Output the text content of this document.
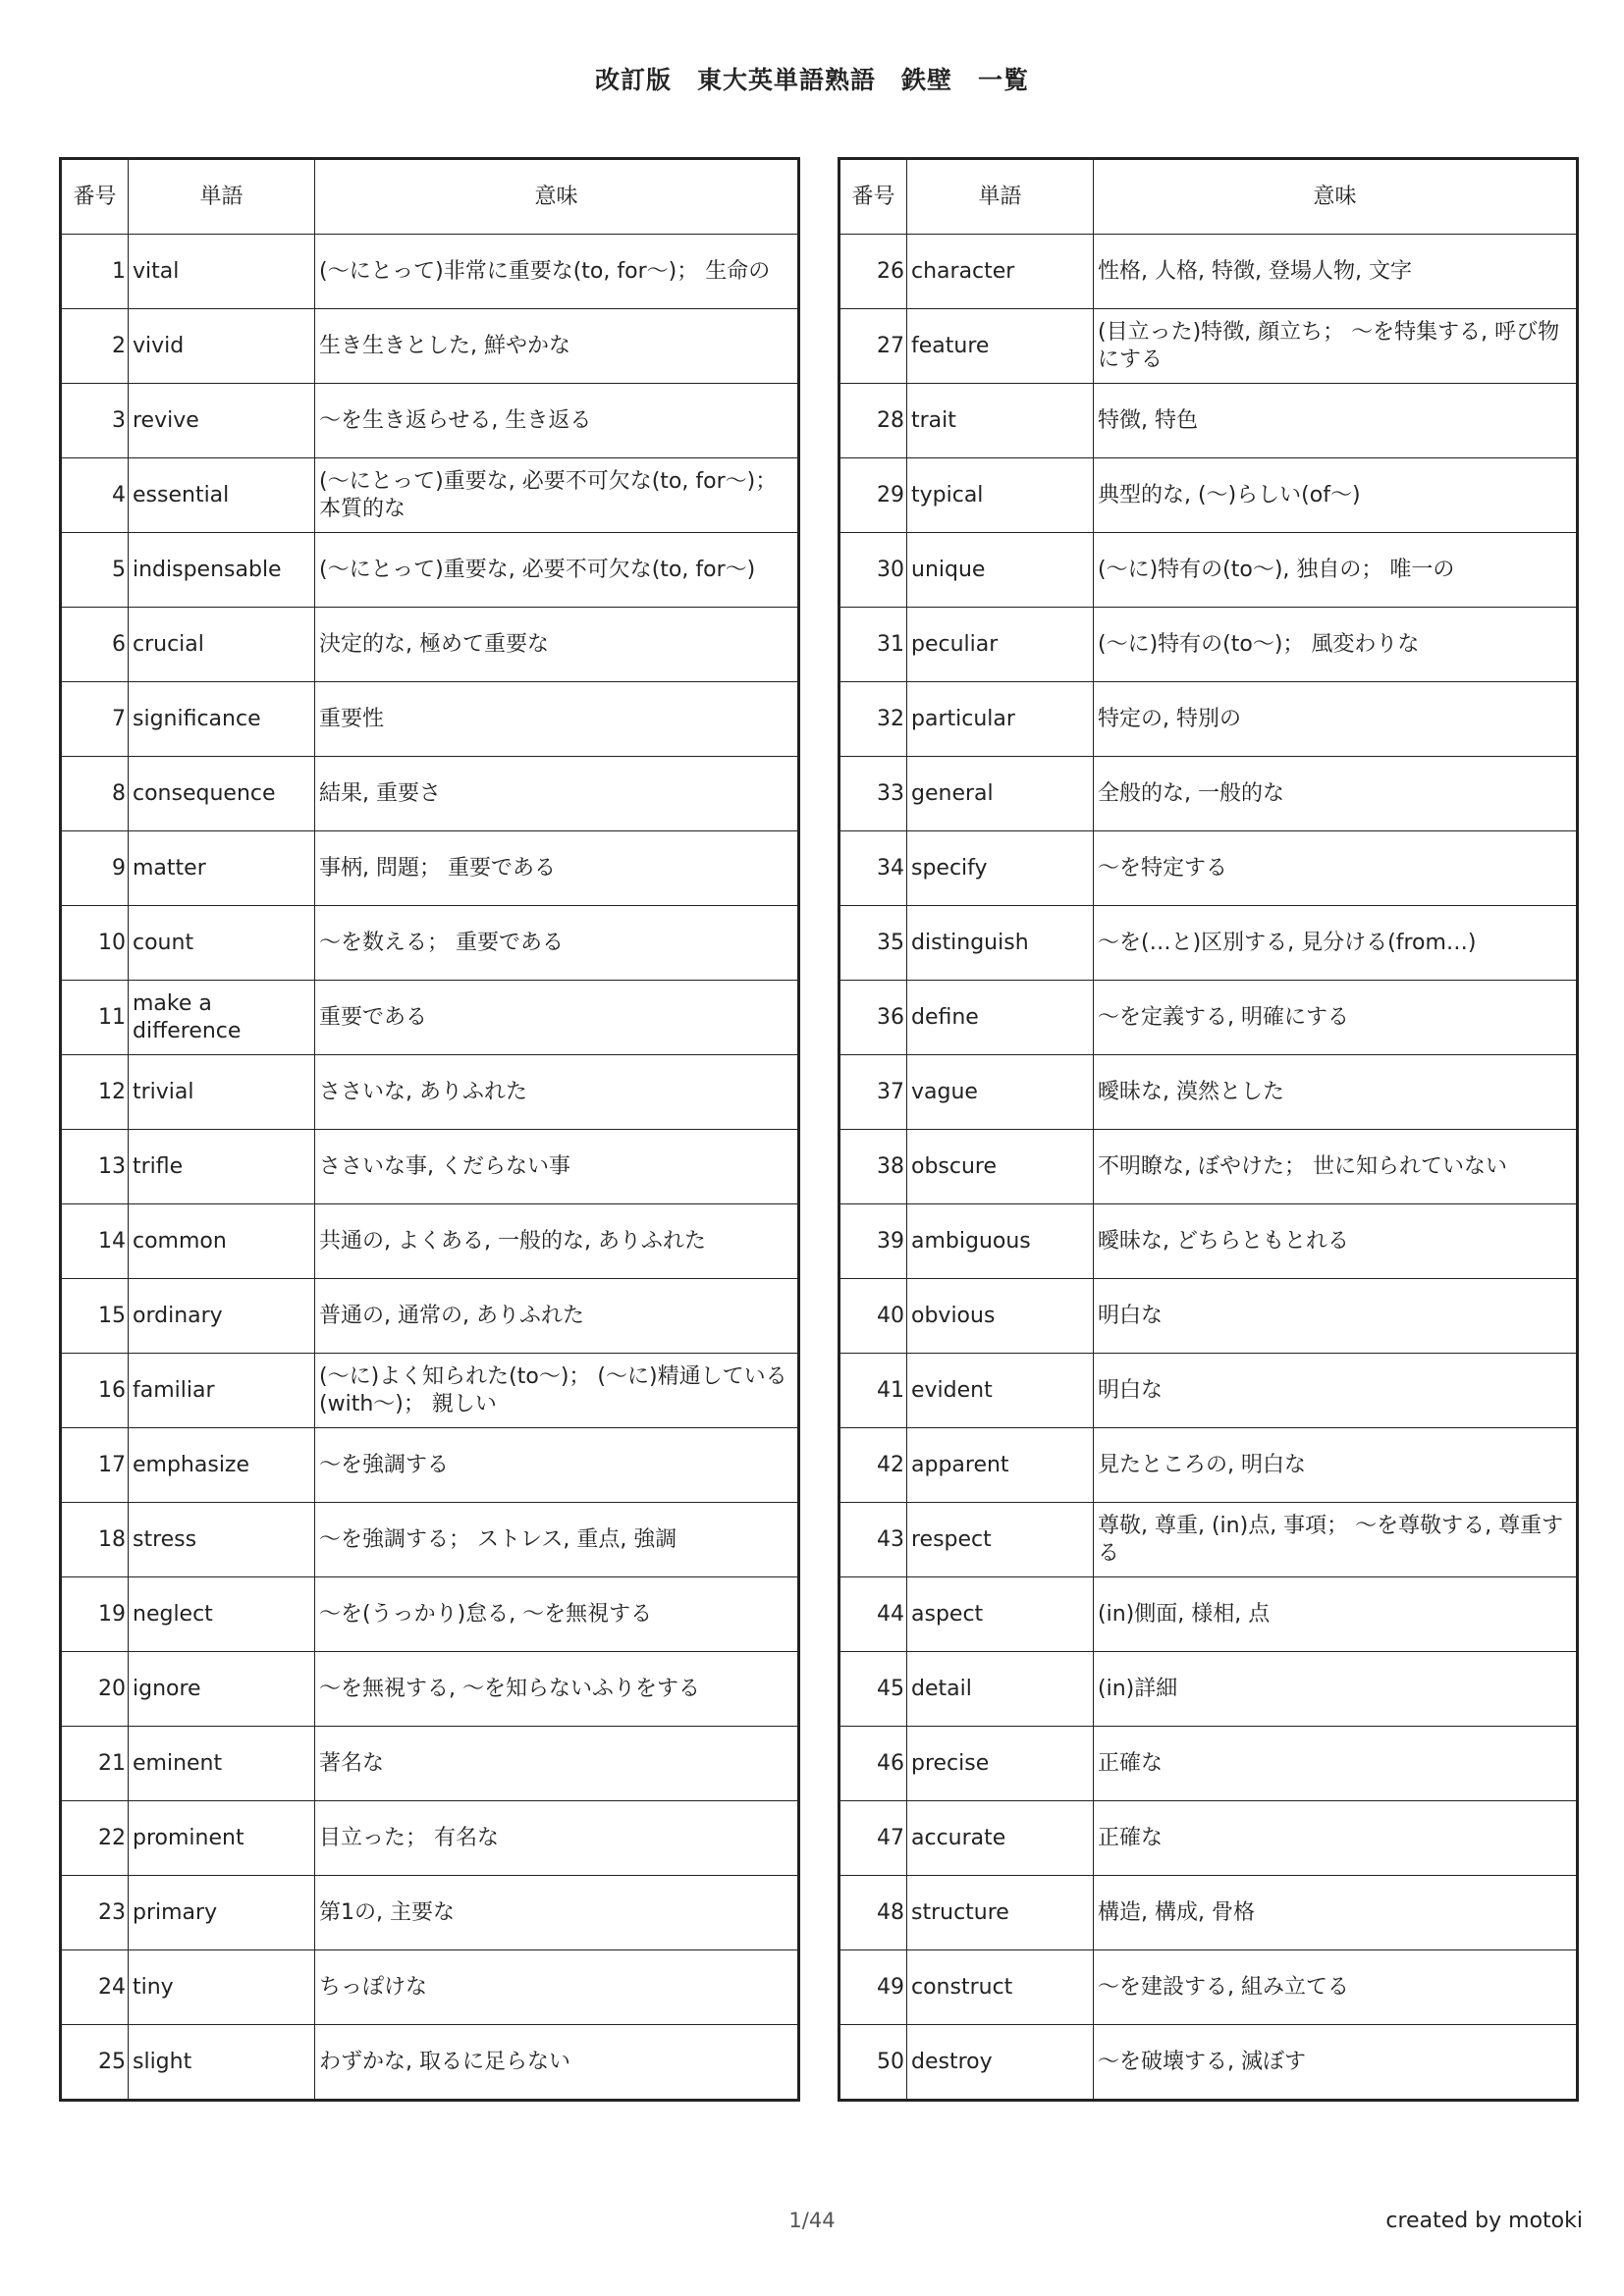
改訂版　東大英単語熟語　鉄壁　一覧
番号	単語	意味
1	vital	(～にとって)非常に重要な(to, for～)； 生命の
2	vivid	生き生きとした, 鮮やかな
3	revive	～を生き返らせる, 生き返る
4	essential	(～にとって)重要な, 必要不可欠な(to, for～)； 本質的な
5	indispensable	(～にとって)重要な, 必要不可欠な(to, for～)
6	crucial	決定的な, 極めて重要な
7	significance	重要性
8	consequence	結果, 重要さ
9	matter	事柄, 問題； 重要である
10	count	～を数える； 重要である
11	make a difference	重要である
12	trivial	ささいな, ありふれた
13	trifle	ささいな事, くだらない事
14	common	共通の, よくある, 一般的な, ありふれた
15	ordinary	普通の, 通常の, ありふれた
16	familiar	(～に)よく知られた(to～)； (～に)精通している(with～)； 親しい
17	emphasize	～を強調する
18	stress	～を強調する； ストレス, 重点, 強調
19	neglect	～を(うっかり)怠る, ～を無視する
20	ignore	～を無視する, ～を知らないふりをする
21	eminent	著名な
22	prominent	目立った； 有名な
23	primary	第1の, 主要な
24	tiny	ちっぽけな
25	slight	わずかな, 取るに足らない
番号	単語	意味
26	character	性格, 人格, 特徴, 登場人物, 文字
27	feature	(目立った)特徴, 顔立ち； ～を特集する, 呼び物にする
28	trait	特徴, 特色
29	typical	典型的な, (～)らしい(of～)
30	unique	(～に)特有の(to～), 独自の； 唯一の
31	peculiar	(～に)特有の(to～)； 風変わりな
32	particular	特定の, 特別の
33	general	全般的な, 一般的な
34	specify	～を特定する
35	distinguish	～を(…と)区別する, 見分ける(from…)
36	define	～を定義する, 明確にする
37	vague	曖昧な, 漠然とした
38	obscure	不明瞭な, ぼやけた； 世に知られていない
39	ambiguous	曖昧な, どちらともとれる
40	obvious	明白な
41	evident	明白な
42	apparent	見たところの, 明白な
43	respect	尊敬, 尊重, (in)点, 事項； ～を尊敬する, 尊重する
44	aspect	(in)側面, 様相, 点
45	detail	(in)詳細
46	precise	正確な
47	accurate	正確な
48	structure	構造, 構成, 骨格
49	construct	～を建設する, 組み立てる
50	destroy	～を破壊する, 滅ぼす
1/44	created by motoki
